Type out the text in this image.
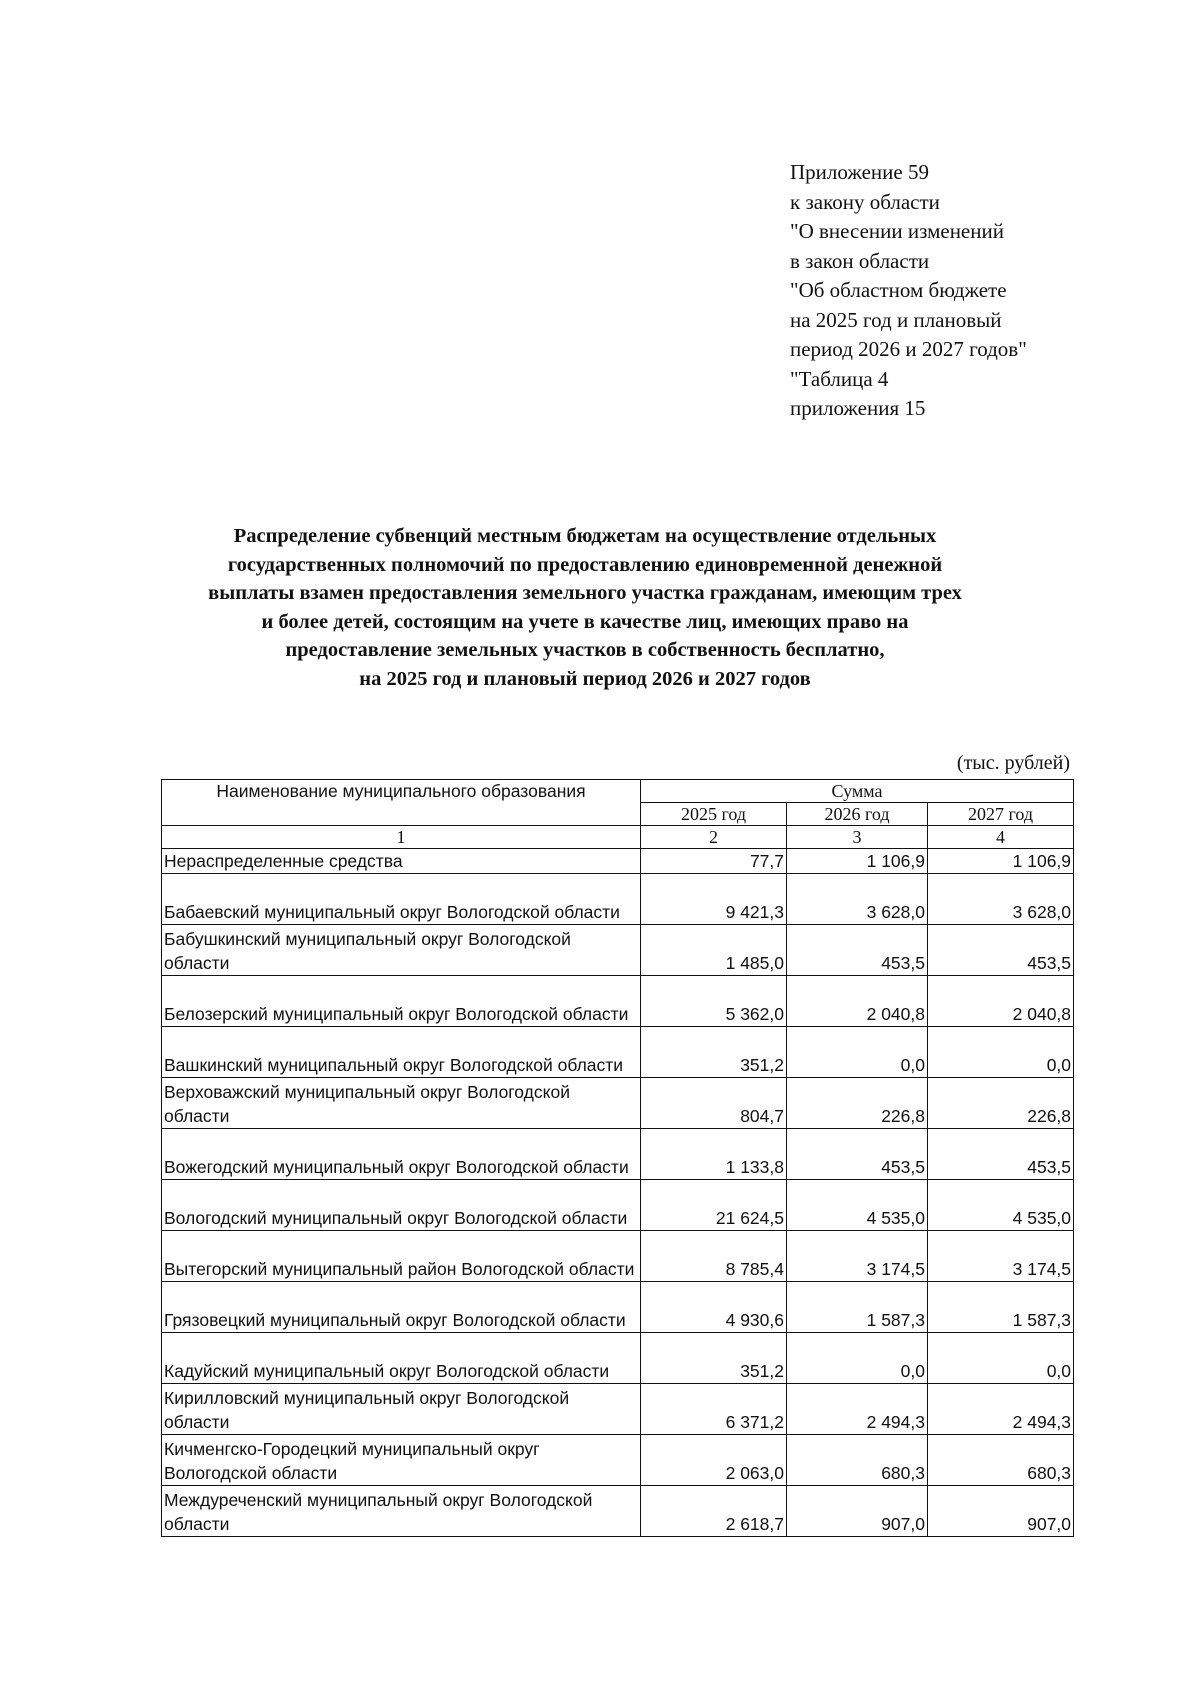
Приложение 59
к закону области
"О внесении изменений
в закон области
"Об областном бюджете
на 2025 год и плановый
период 2026 и 2027 годов"
"Таблица 4
приложения 15
Распределение субвенций местным бюджетам на осуществление отдельных
государственных полномочий по предоставлению единовременной денежной
выплаты взамен предоставления земельного участка гражданам, имеющим трех
и более детей, состоящим на учете в качестве лиц, имеющих право на
предоставление земельных участков в собственность бесплатно,
на 2025 год и плановый период 2026 и 2027 годов
(тыс. рублей)
Наименование муниципального образования	Сумма		
	2025 год	2026 год	2027 год
1	2	3	4
Нераспределенные средства	77,7	1 106,9	1 106,9
Бабаевский муниципальный округ Вологодской области	9 421,3	3 628,0	3 628,0
Бабушкинский муниципальный округ Вологодской области	1 485,0	453,5	453,5
Белозерский муниципальный округ Вологодской области	5 362,0	2 040,8	2 040,8
Вашкинский муниципальный округ Вологодской области	351,2	0,0	0,0
Верховажский муниципальный округ Вологодской области	804,7	226,8	226,8
Вожегодский муниципальный округ Вологодской области	1 133,8	453,5	453,5
Вологодский муниципальный округ Вологодской области	21 624,5	4 535,0	4 535,0
Вытегорский муниципальный район Вологодской области	8 785,4	3 174,5	3 174,5
Грязовецкий муниципальный округ Вологодской области	4 930,6	1 587,3	1 587,3
Кадуйский муниципальный округ Вологодской области	351,2	0,0	0,0
Кирилловский муниципальный округ Вологодской области	6 371,2	2 494,3	2 494,3
Кичменгско-Городецкий муниципальный округ Вологодской области	2 063,0	680,3	680,3
Междуреченский муниципальный округ Вологодской области	2 618,7	907,0	907,0
